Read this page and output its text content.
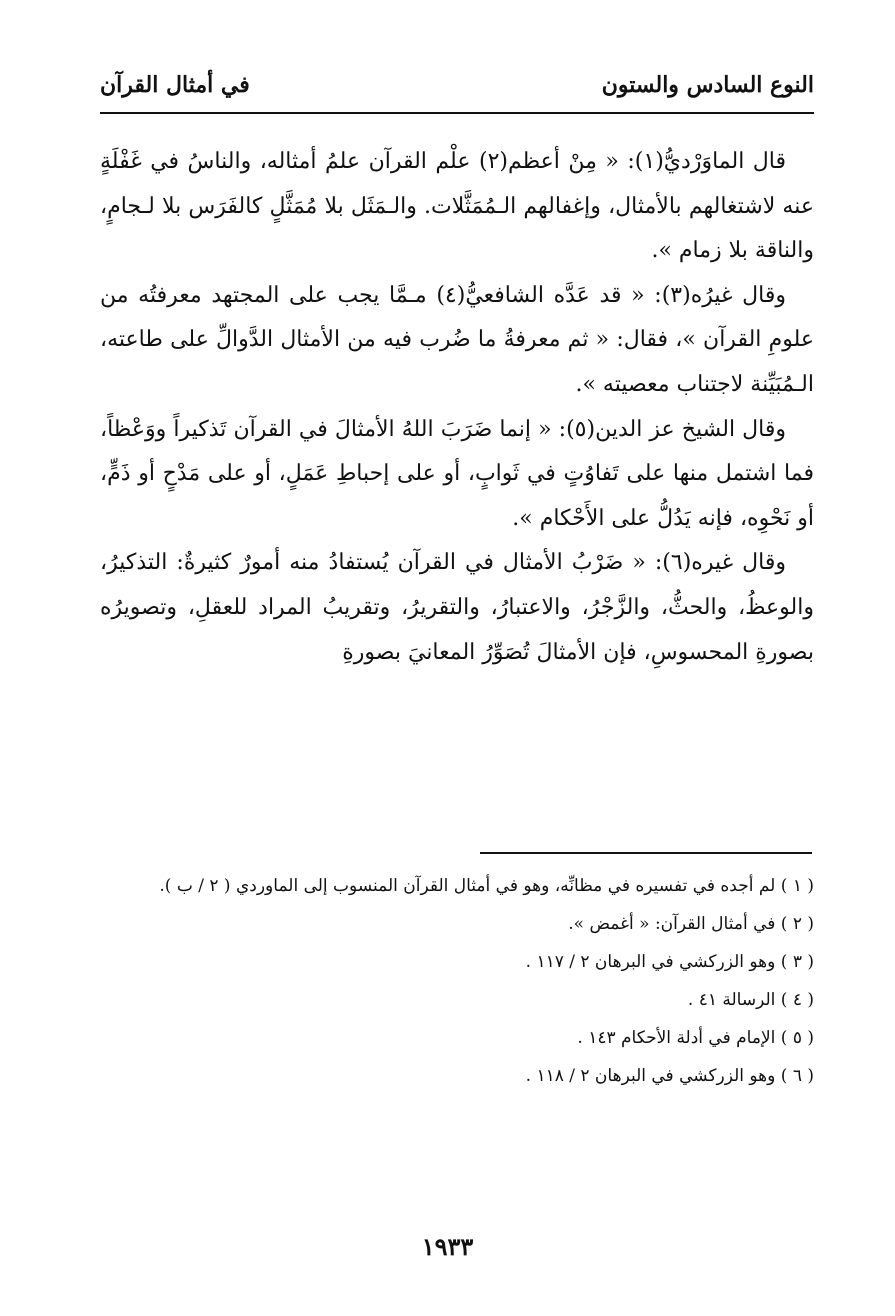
النوع السادس والستون
في أمثال القرآن

قال الماوَرْديُّ(١): « مِنْ أعظم(٢) علْم القرآن علمُ أمثاله، والناسُ في غَفْلَةٍ عنه لاشتغالهم بالأمثال، وإغفالهم الـمُمَثَّلات. والـمَثَل بلا مُمَثَّلٍ كالفَرَس بلا لـجامٍ، والناقة بلا زمام ».

وقال غيرُه(٣): « قد عَدَّه الشافعيُّ(٤) مـمَّا يجب على المجتهد معرفتُه من علومِ القرآن »، فقال: « ثم معرفةُ ما ضُرب فيه من الأمثال الدَّوالِّ على طاعته، الـمُبَيِّنة لاجتناب معصيته ».

وقال الشيخ عز الدين(٥): « إنما ضَرَبَ اللهُ الأمثالَ في القرآن تَذكيراً ووَعْظاً، فما اشتمل منها على تَفاوُتٍ في ثَوابٍ، أو على إحباطِ عَمَلٍ، أو على مَدْحٍ أو ذَمٍّ، أو نَحْوِه، فإنه يَدُلُّ على الأَحْكام ».

وقال غيره(٦): « ضَرْبُ الأمثال في القرآن يُستفادُ منه أمورٌ كثيرةٌ: التذكيرُ، والوعظُ، والحثُّ، والزَّجْرُ، والاعتبارُ، والتقريرُ، وتقريبُ المراد للعقلِ، وتصويرُه بصورةِ المحسوسِ، فإن الأمثالَ تُصَوِّرُ المعانيَ بصورةِ

( ١ ) لم أجده في تفسيره في مظانِّه، وهو في أمثال القرآن المنسوب إلى الماوردي ( ٢ / ب ).
( ٢ ) في أمثال القرآن: « أغمض ».
( ٣ ) وهو الزركشي في البرهان ٢ / ١١٧ .
( ٤ ) الرسالة ٤١ .
( ٥ ) الإمام في أدلة الأحكام ١٤٣ .
( ٦ ) وهو الزركشي في البرهان ٢ / ١١٨ .
١٩٣٣
